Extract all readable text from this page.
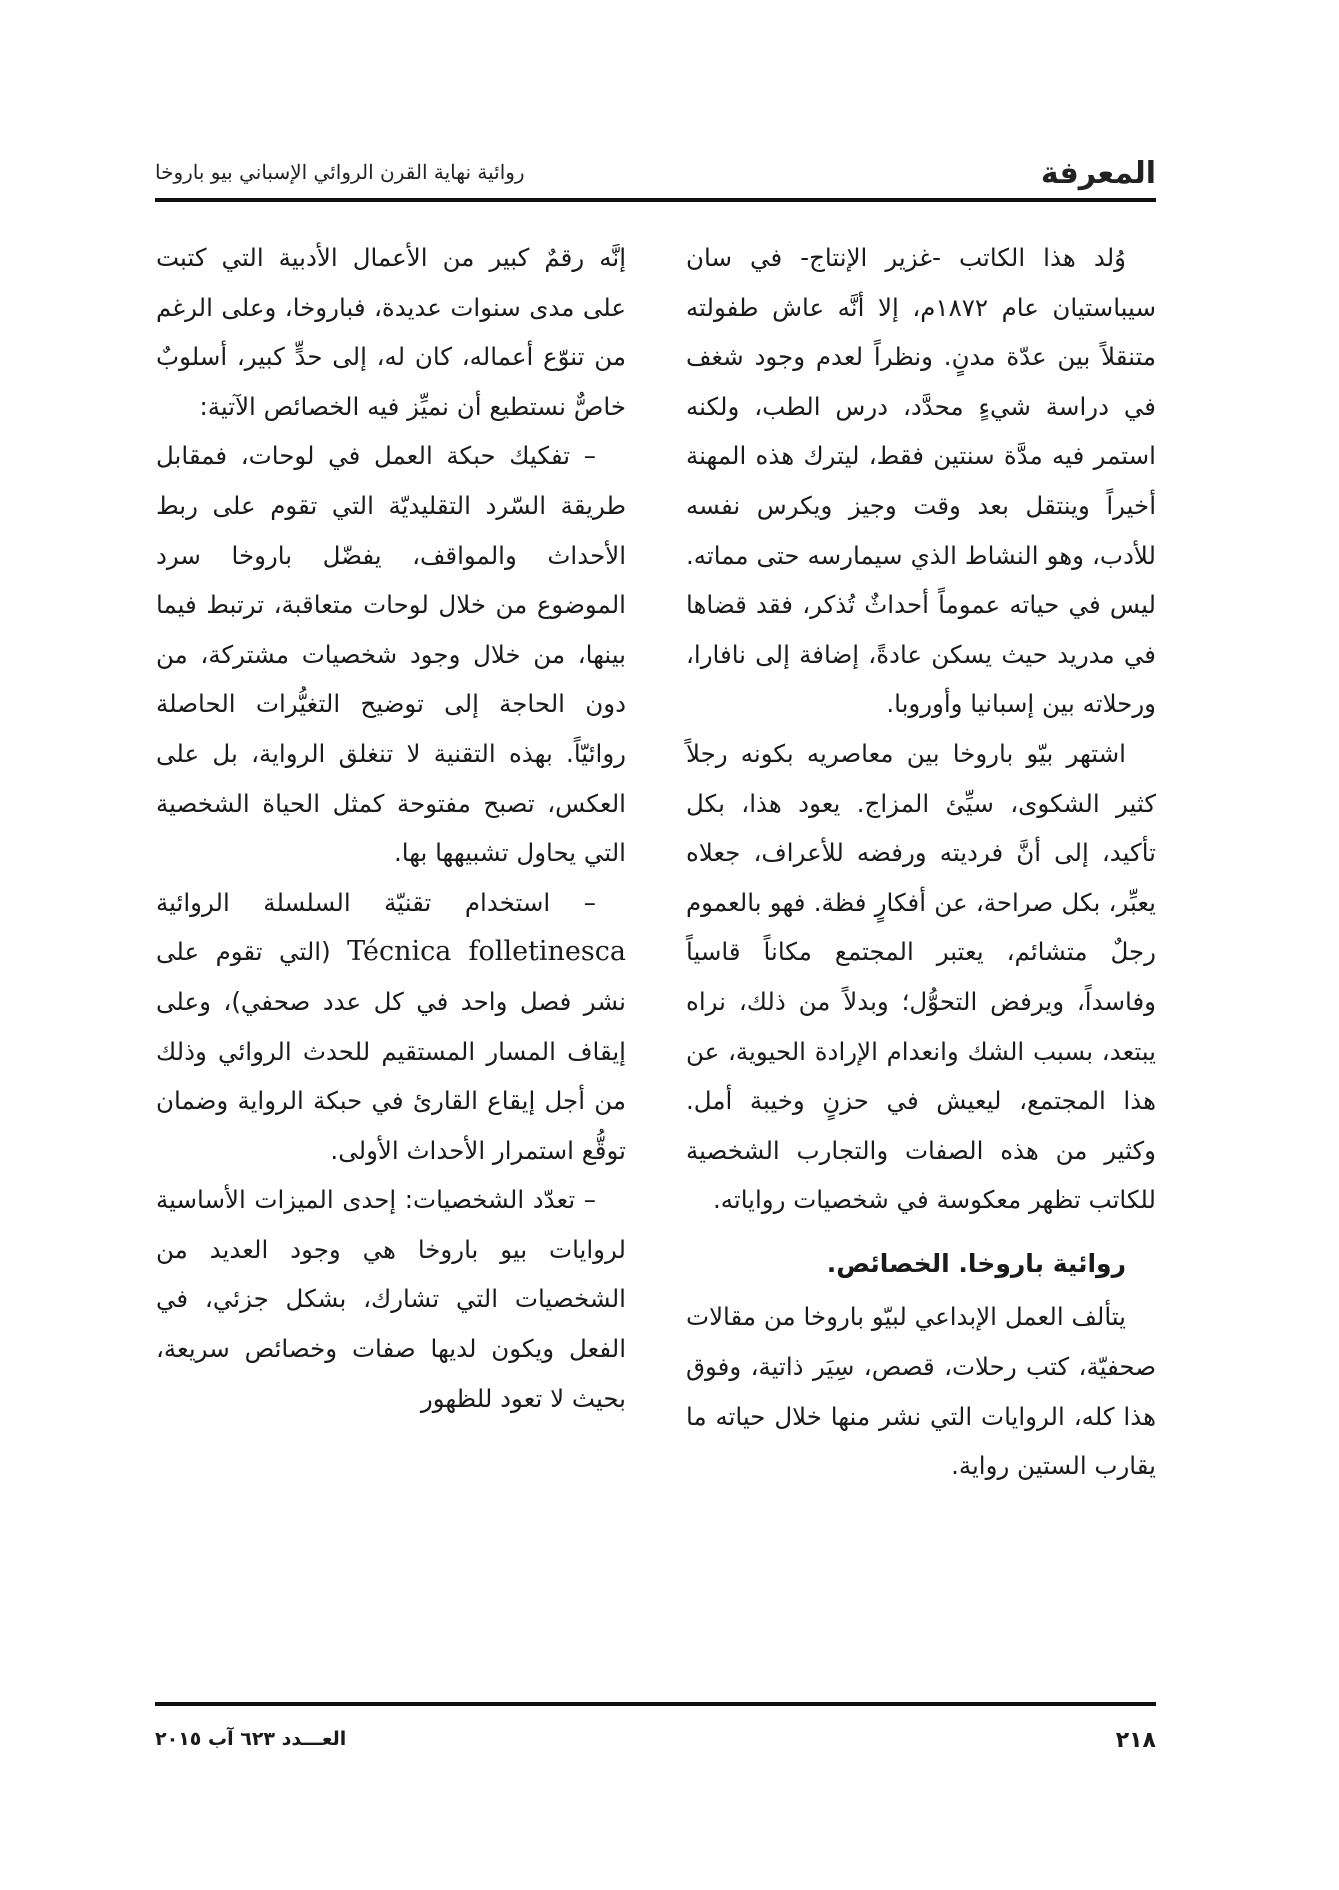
المعرفة
روائية نهاية القرن الروائي الإسباني بيو باروخا

وُلد هذا الكاتب -غزير الإنتاج- في سان سيباستيان عام ١٨٧٢م، إلا أنَّه عاش طفولته متنقلاً بين عدّة مدنٍ. ونظراً لعدم وجود شغف في دراسة شيءٍ محدَّد، درس الطب، ولكنه استمر فيه مدَّة سنتين فقط، ليترك هذه المهنة أخيراً وينتقل بعد وقت وجيز ويكرس نفسه للأدب، وهو النشاط الذي سيمارسه حتى مماته. ليس في حياته عموماً أحداثٌ تُذكر، فقد قضاها في مدريد حيث يسكن عادةً، إضافة إلى نافارا، ورحلاته بين إسبانيا وأوروبا.

اشتهر بيّو باروخا بين معاصريه بكونه رجلاً كثير الشكوى، سيِّئ المزاج. يعود هذا، بكل تأكيد، إلى أنَّ فرديته ورفضه للأعراف، جعلاه يعبِّر، بكل صراحة، عن أفكارٍ فظة. فهو بالعموم رجلٌ متشائم، يعتبر المجتمع مكاناً قاسياً وفاسداً، ويرفض التحوُّل؛ وبدلاً من ذلك، نراه يبتعد، بسبب الشك وانعدام الإرادة الحيوية، عن هذا المجتمع، ليعيش في حزنٍ وخيبة أمل. وكثير من هذه الصفات والتجارب الشخصية للكاتب تظهر معكوسة في شخصيات رواياته.

روائية باروخا. الخصائص.

يتألف العمل الإبداعي لبيّو باروخا من مقالات صحفيّة، كتب رحلات، قصص، سِيَر ذاتية، وفوق هذا كله، الروايات التي نشر منها خلال حياته ما يقارب الستين رواية.

إنَّه رقمٌ كبير من الأعمال الأدبية التي كتبت على مدى سنوات عديدة، فباروخا، وعلى الرغم من تنوّع أعماله، كان له، إلى حدٍّ كبير، أسلوبٌ خاصٌّ نستطيع أن نميِّز فيه الخصائص الآتية:

– تفكيك حبكة العمل في لوحات، فمقابل طريقة السّرد التقليديّة التي تقوم على ربط الأحداث والمواقف، يفضّل باروخا سرد الموضوع من خلال لوحات متعاقبة، ترتبط فيما بينها، من خلال وجود شخصيات مشتركة، من دون الحاجة إلى توضيح التغيُّرات الحاصلة روائيّاً. بهذه التقنية لا تنغلق الرواية، بل على العكس، تصبح مفتوحة كمثل الحياة الشخصية التي يحاول تشبيهها بها.

– استخدام تقنيّة السلسلة الروائية Técnica folletinesca (التي تقوم على نشر فصل واحد في كل عدد صحفي)، وعلى إيقاف المسار المستقيم للحدث الروائي وذلك من أجل إيقاع القارئ في حبكة الرواية وضمان توقُّع استمرار الأحداث الأولى.

– تعدّد الشخصيات: إحدى الميزات الأساسية لروايات بيو باروخا هي وجود العديد من الشخصيات التي تشارك، بشكل جزئي، في الفعل ويكون لديها صفات وخصائص سريعة، بحيث لا تعود للظهور

٢١٨
العـــدد ٦٢٣ آب ٢٠١٥
